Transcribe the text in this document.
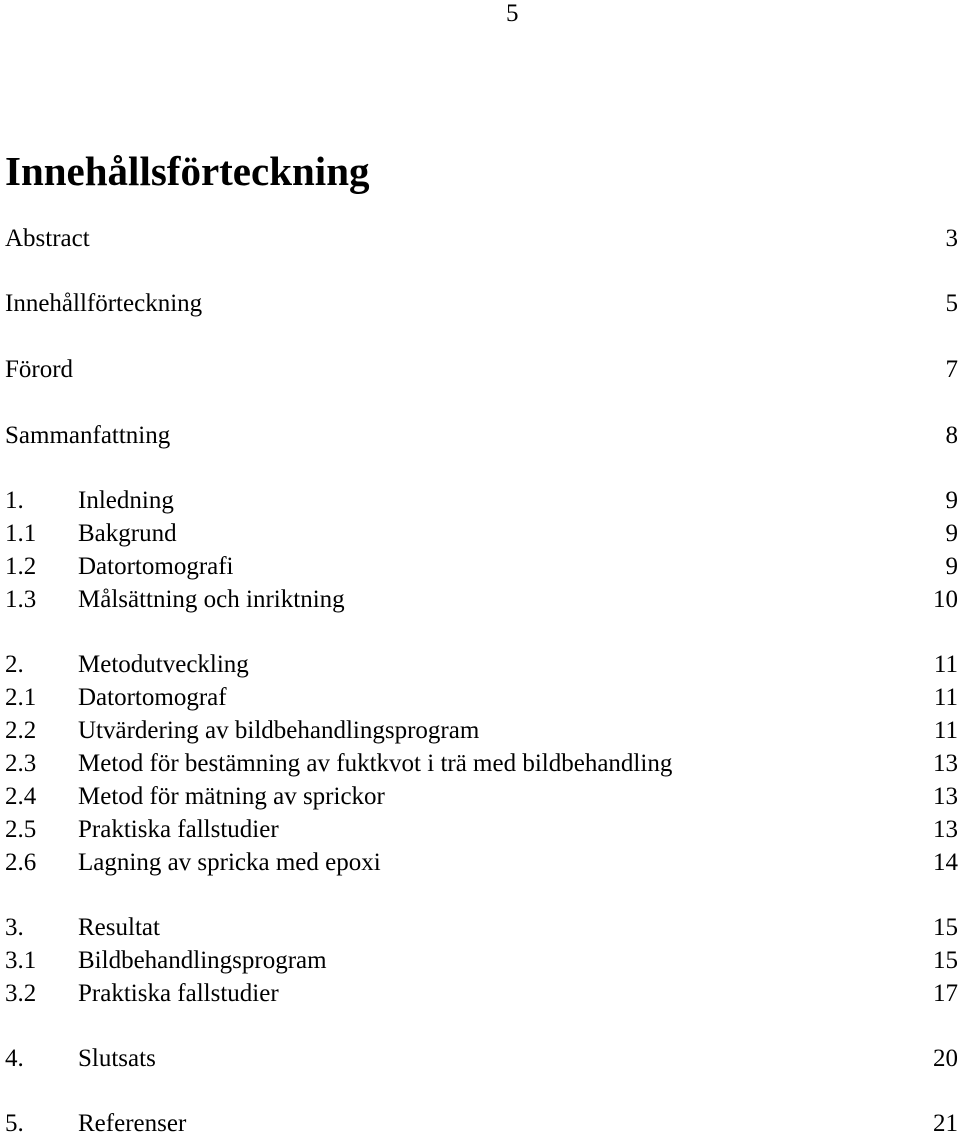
5
Innehållsförteckning
Abstract	3
Innehållförteckning	5
Förord	7
Sammanfattning	8
1. Inledning	9
1.1 Bakgrund	9
1.2 Datortomografi	9
1.3 Målsättning och inriktning	10
2. Metodutveckling	11
2.1 Datortomograf	11
2.2 Utvärdering av bildbehandlingsprogram	11
2.3 Metod för bestämning av fuktkvot i trä med bildbehandling	13
2.4 Metod för mätning av sprickor	13
2.5 Praktiska fallstudier	13
2.6 Lagning av spricka med epoxi	14
3. Resultat	15
3.1 Bildbehandlingsprogram	15
3.2 Praktiska fallstudier	17
4. Slutsats	20
5. Referenser	21
